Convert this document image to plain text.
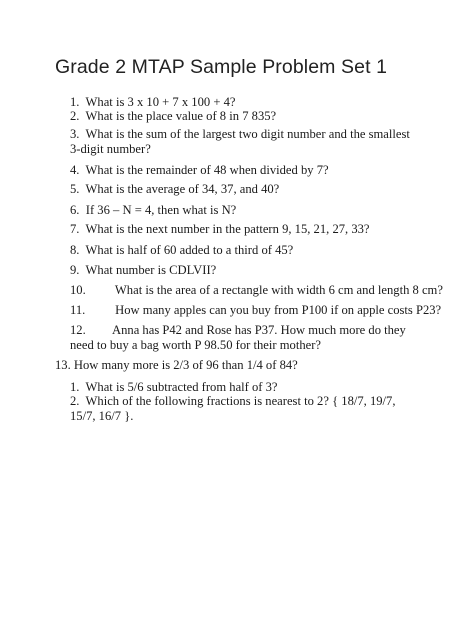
Grade 2 MTAP Sample Problem Set 1
1. What is 3 x 10 + 7 x 100 + 4?
2. What is the place value of 8 in 7 835?
3. What is the sum of the largest two digit number and the smallest 3-digit number?
4.  What is the remainder of 48 when divided by 7?
5. What is the average of 34, 37, and 40?
6. If 36 – N = 4, then what is N?
7. What is the next number in the pattern 9, 15, 21, 27, 33?
8.  What is half of 60 added to a third of 45?
9. What number is CDLVII?
10. What is the area of a rectangle with width 6 cm and length 8 cm?
11. How many apples can you buy from P100 if on apple costs P23?
12. Anna has P42 and Rose has P37. How much more do they need to buy a bag worth P 98.50 for their mother?
13. How many more is 2/3 of 96 than 1/4 of 84?
1. What is 5/6 subtracted from half of 3?
2. Which of the following fractions is nearest to 2? { 18/7, 19/7, 15/7, 16/7 }.
